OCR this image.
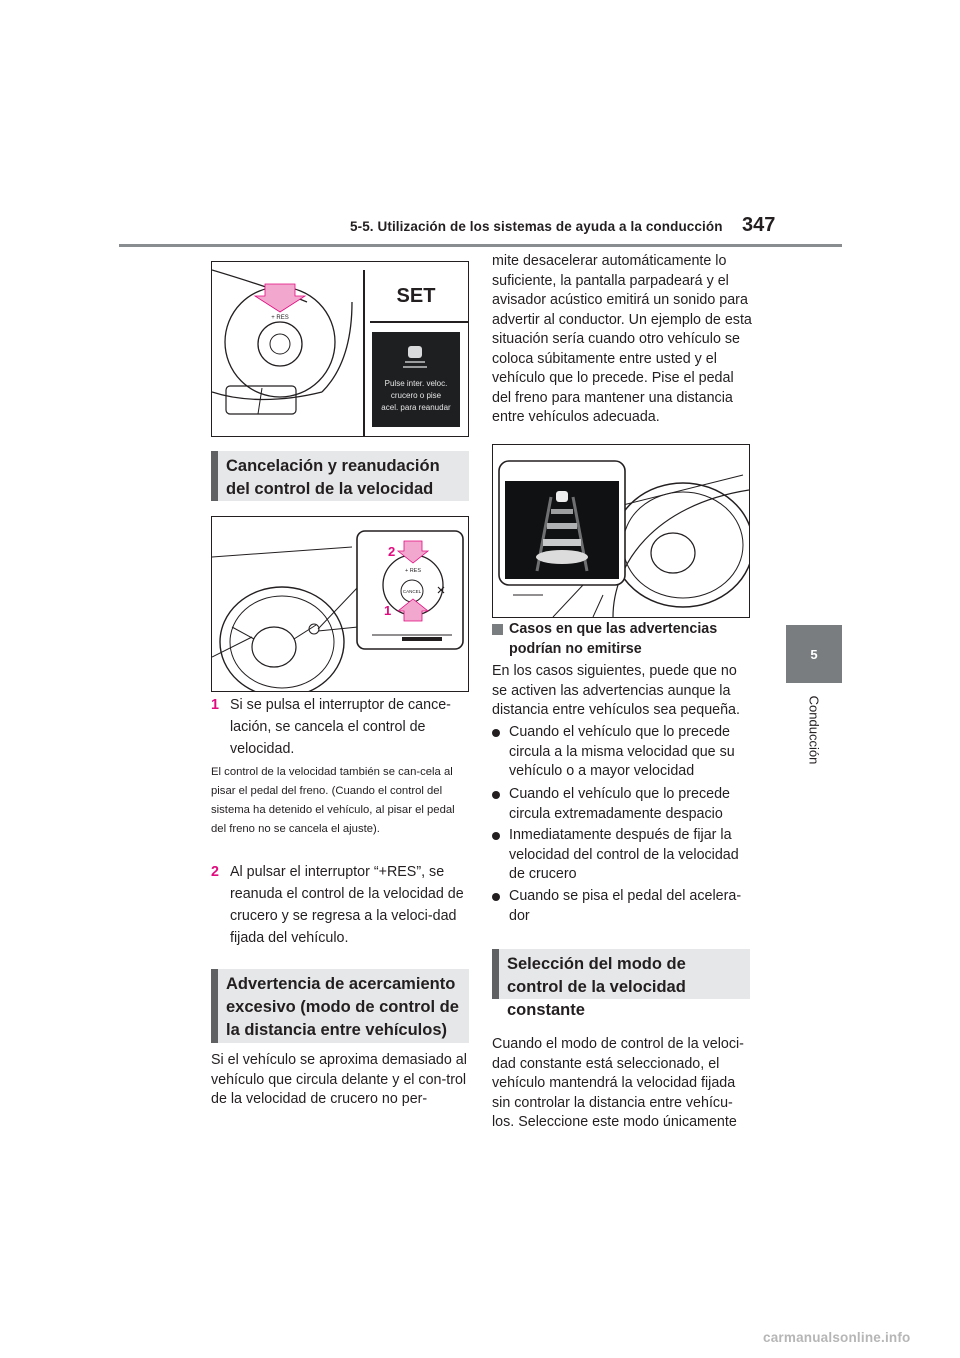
5-5. Utilización de los sistemas de ayuda a la conducción 347
5
Conducción
+ RES
SET
Pulse inter. veloc.
crucero o pise
acel. para reanudar
Cancelación y reanudación del control de la velocidad
2
1
+ RES
CANCEL
1 Si se pulsa el interruptor de cance-lación, se cancela el control de velocidad.
El control de la velocidad también se can-cela al pisar el pedal del freno. (Cuando el control del sistema ha detenido el vehículo, al pisar el pedal del freno no se cancela el ajuste).
2 Al pulsar el interruptor “+RES”, se reanuda el control de la velocidad de crucero y se regresa a la veloci-dad fijada del vehículo.
Advertencia de acercamiento excesivo (modo de control de la distancia entre vehículos)
Si el vehículo se aproxima demasiado al vehículo que circula delante y el con-trol de la velocidad de crucero no per-
mite desacelerar automáticamente lo suficiente, la pantalla parpadeará y el avisador acústico emitirá un sonido para advertir al conductor. Un ejemplo de esta situación sería cuando otro vehículo se coloca súbitamente entre usted y el vehículo que lo precede. Pise el pedal del freno para mantener una distancia entre vehículos adecuada.
Casos en que las advertencias podrían no emitirse
En los casos siguientes, puede que no se activen las advertencias aunque la distancia entre vehículos sea pequeña.
Cuando el vehículo que lo precede circula a la misma velocidad que su vehículo o a mayor velocidad
Cuando el vehículo que lo precede circula extremadamente despacio
Inmediatamente después de fijar la velocidad del control de la velocidad de crucero
Cuando se pisa el pedal del acelera-dor
Selección del modo de control de la velocidad constante
Cuando el modo de control de la veloci-dad constante está seleccionado, el vehículo mantendrá la velocidad fijada sin controlar la distancia entre vehícu-los. Seleccione este modo únicamente
carmanualsonline.info
